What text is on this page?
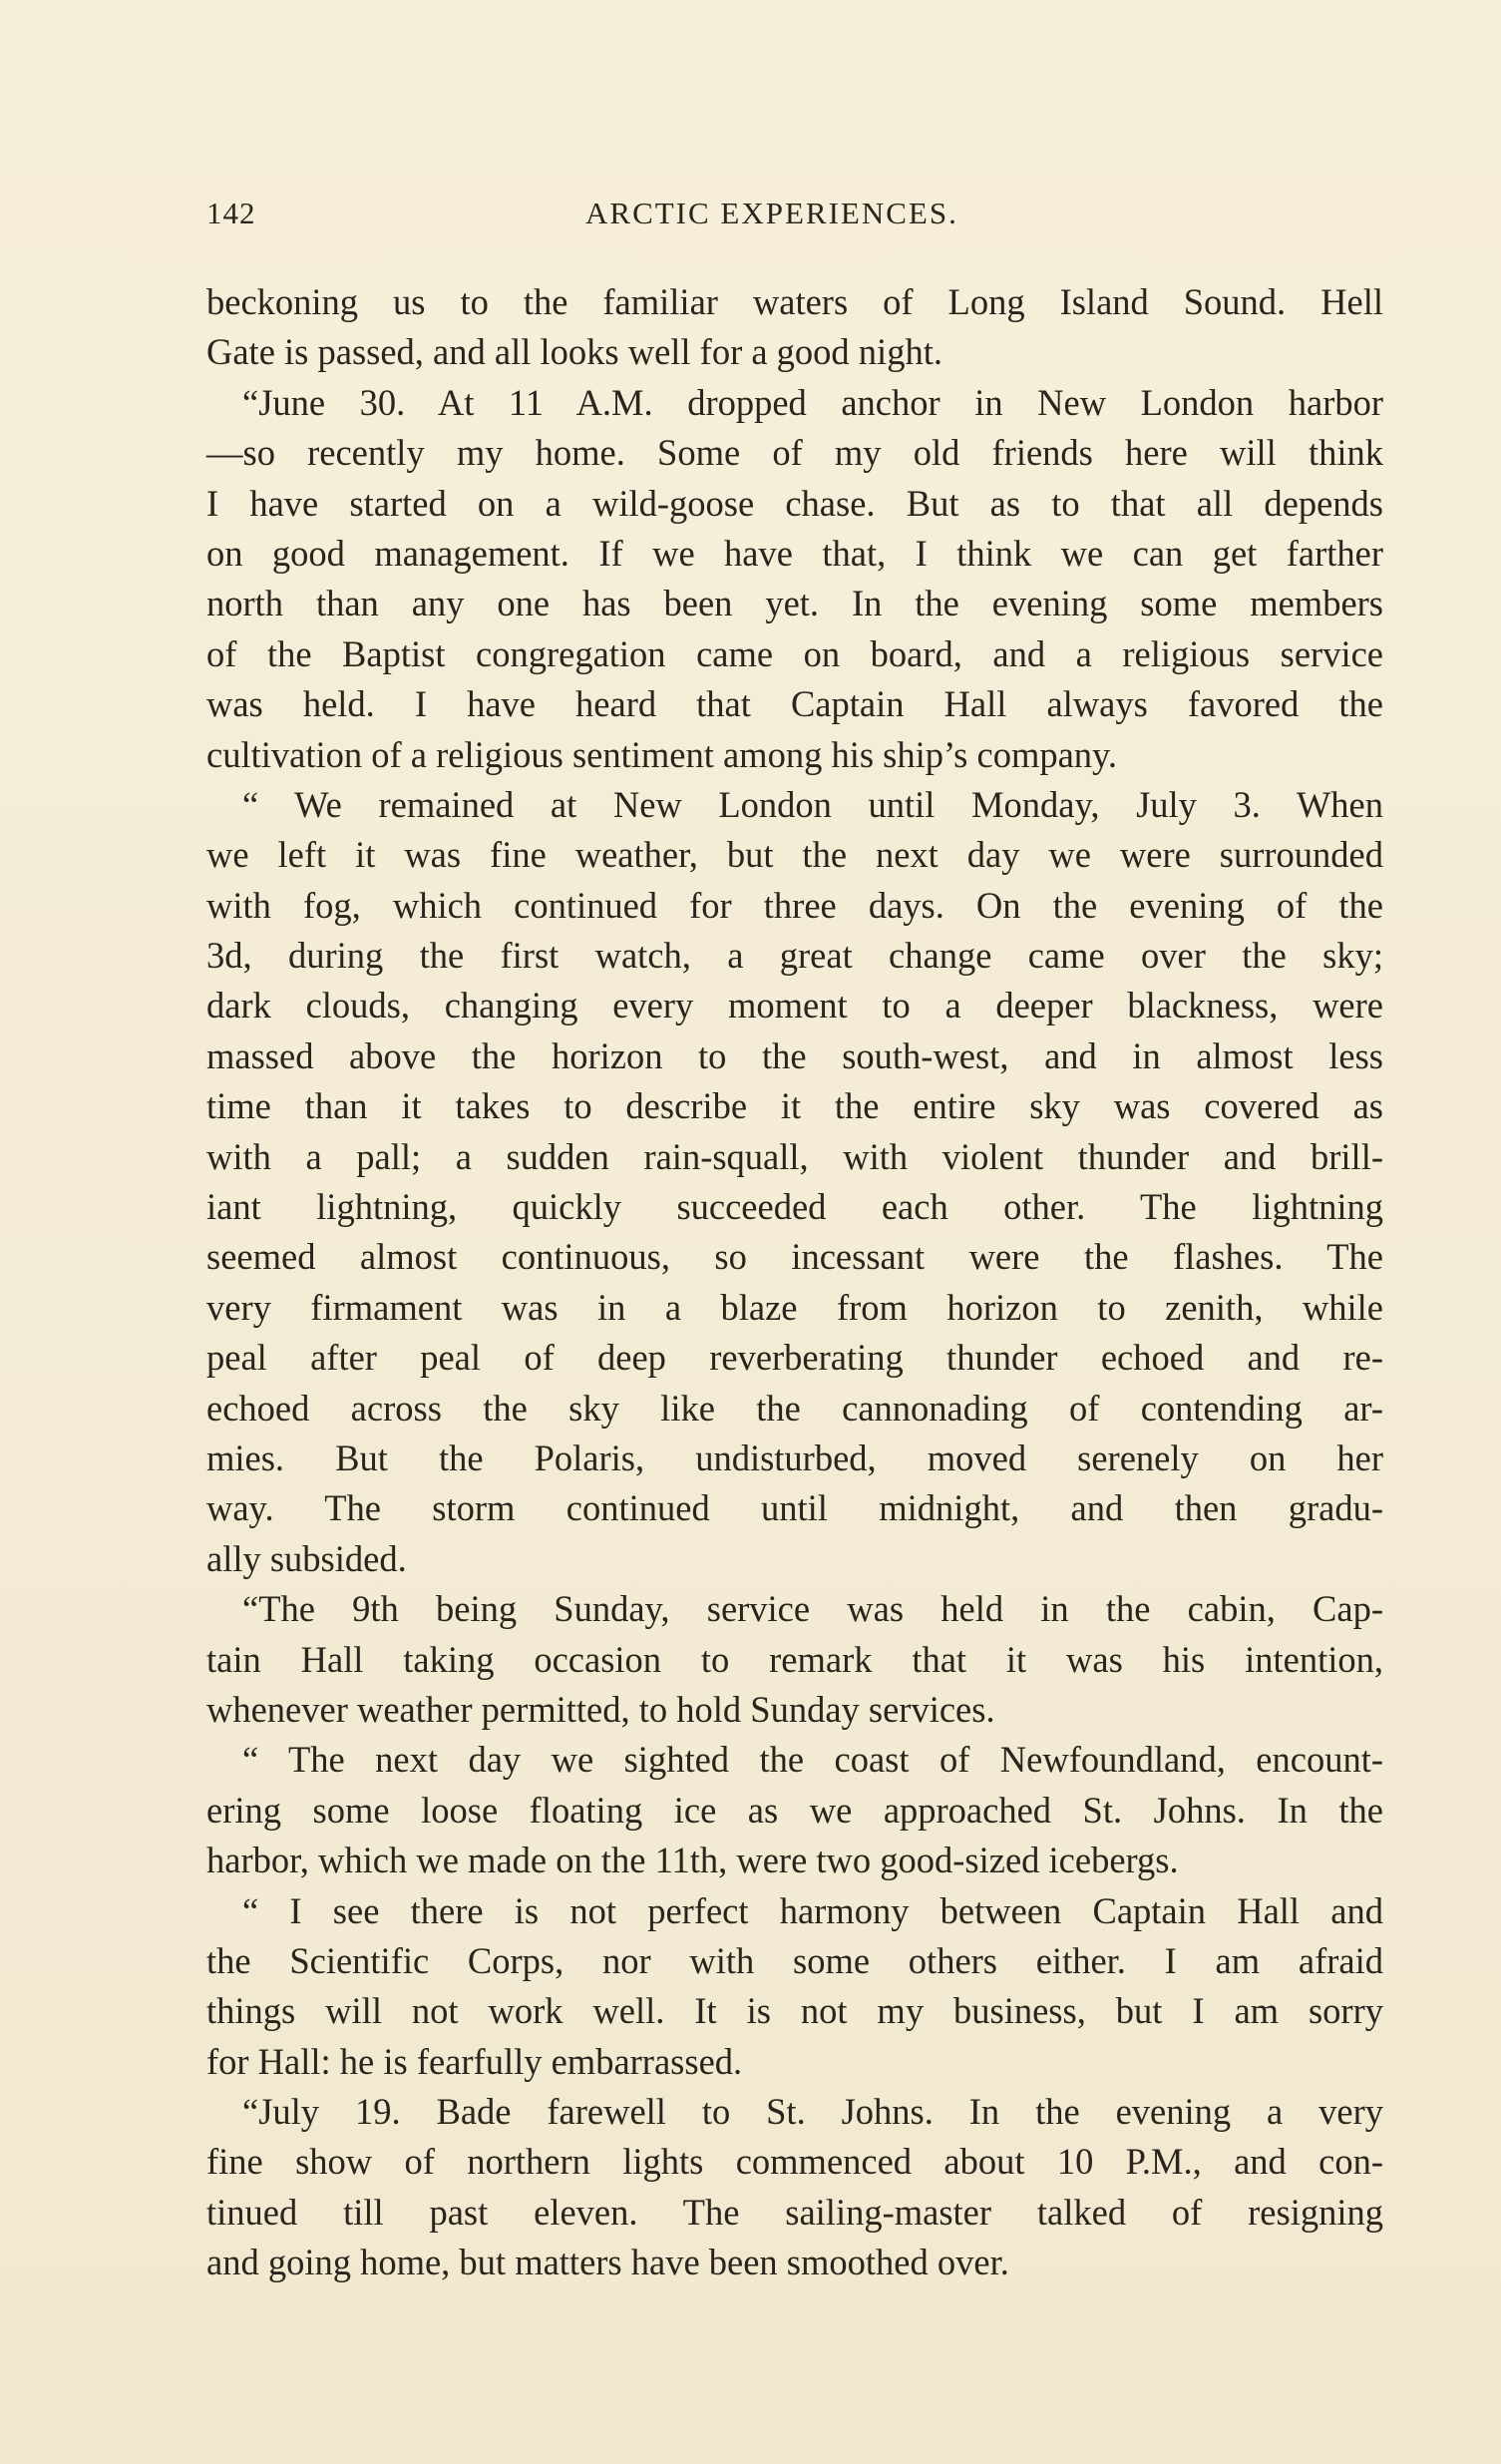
142	ARCTIC EXPERIENCES.
beckoning us to the familiar waters of Long Island Sound. Hell
Gate is passed, and all looks well for a good night.
“June 30. At 11 A.M. dropped anchor in New London harbor
—so recently my home. Some of my old friends here will think
I have started on a wild-goose chase. But as to that all depends
on good management. If we have that, I think we can get farther
north than any one has been yet. In the evening some members
of the Baptist congregation came on board, and a religious service
was held. I have heard that Captain Hall always favored the
cultivation of a religious sentiment among his ship’s company.
“ We remained at New London until Monday, July 3. When
we left it was fine weather, but the next day we were surrounded
with fog, which continued for three days. On the evening of the
3d, during the first watch, a great change came over the sky;
dark clouds, changing every moment to a deeper blackness, were
massed above the horizon to the south-west, and in almost less
time than it takes to describe it the entire sky was covered as
with a pall; a sudden rain-squall, with violent thunder and brill-
iant lightning, quickly succeeded each other. The lightning
seemed almost continuous, so incessant were the flashes. The
very firmament was in a blaze from horizon to zenith, while
peal after peal of deep reverberating thunder echoed and re-
echoed across the sky like the cannonading of contending ar-
mies. But the Polaris, undisturbed, moved serenely on her
way. The storm continued until midnight, and then gradu-
ally subsided.
“The 9th being Sunday, service was held in the cabin, Cap-
tain Hall taking occasion to remark that it was his intention,
whenever weather permitted, to hold Sunday services.
“ The next day we sighted the coast of Newfoundland, encount-
ering some loose floating ice as we approached St. Johns. In the
harbor, which we made on the 11th, were two good-sized icebergs.
“ I see there is not perfect harmony between Captain Hall and
the Scientific Corps, nor with some others either. I am afraid
things will not work well. It is not my business, but I am sorry
for Hall: he is fearfully embarrassed.
“July 19. Bade farewell to St. Johns. In the evening a very
fine show of northern lights commenced about 10 P.M., and con-
tinued till past eleven. The sailing-master talked of resigning
and going home, but matters have been smoothed over.
